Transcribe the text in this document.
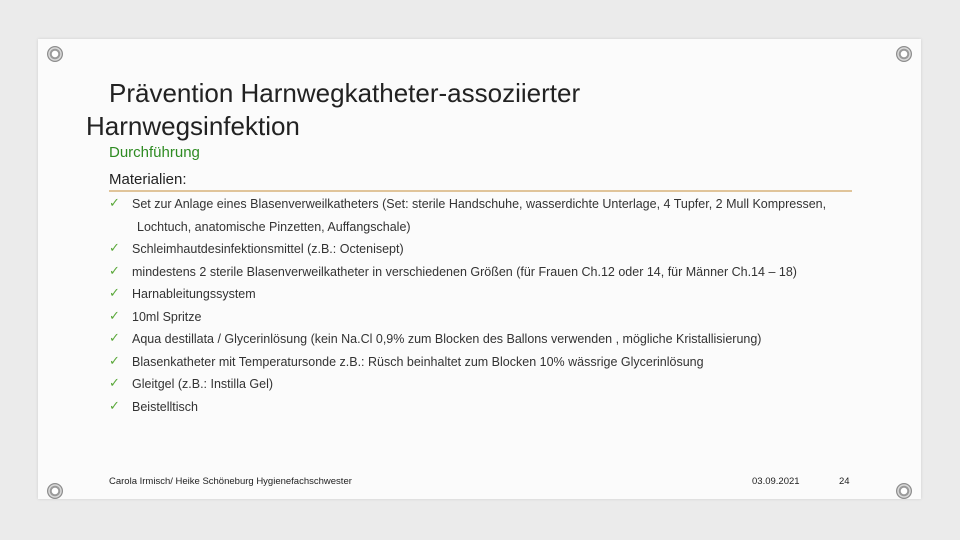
Prävention Harnwegkatheter-assoziierter
Harnwegsinfektion
Durchführung
Materialien:
✓ Set zur Anlage eines Blasenverweilkatheters (Set: sterile Handschuhe, wasserdichte Unterlage, 4 Tupfer, 2 Mull Kompressen,
Lochtuch, anatomische Pinzetten, Auffangschale)
✓ Schleimhautdesinfektionsmittel (z.B.: Octenisept)
✓ mindestens 2 sterile Blasenverweilkatheter in verschiedenen Größen (für Frauen Ch.12 oder 14, für Männer Ch.14 – 18)
✓ Harnableitungssystem
✓ 10ml Spritze
✓ Aqua destillata / Glycerinlösung (kein Na.Cl 0,9% zum Blocken des Ballons verwenden , mögliche Kristallisierung)
✓ Blasenkatheter mit Temperatursonde z.B.: Rüsch beinhaltet zum Blocken 10% wässrige Glycerinlösung
✓ Gleitgel (z.B.: Instilla Gel)
✓ Beistelltisch
Carola Irmisch/ Heike Schöneburg Hygienefachschwester	03.09.2021	24
